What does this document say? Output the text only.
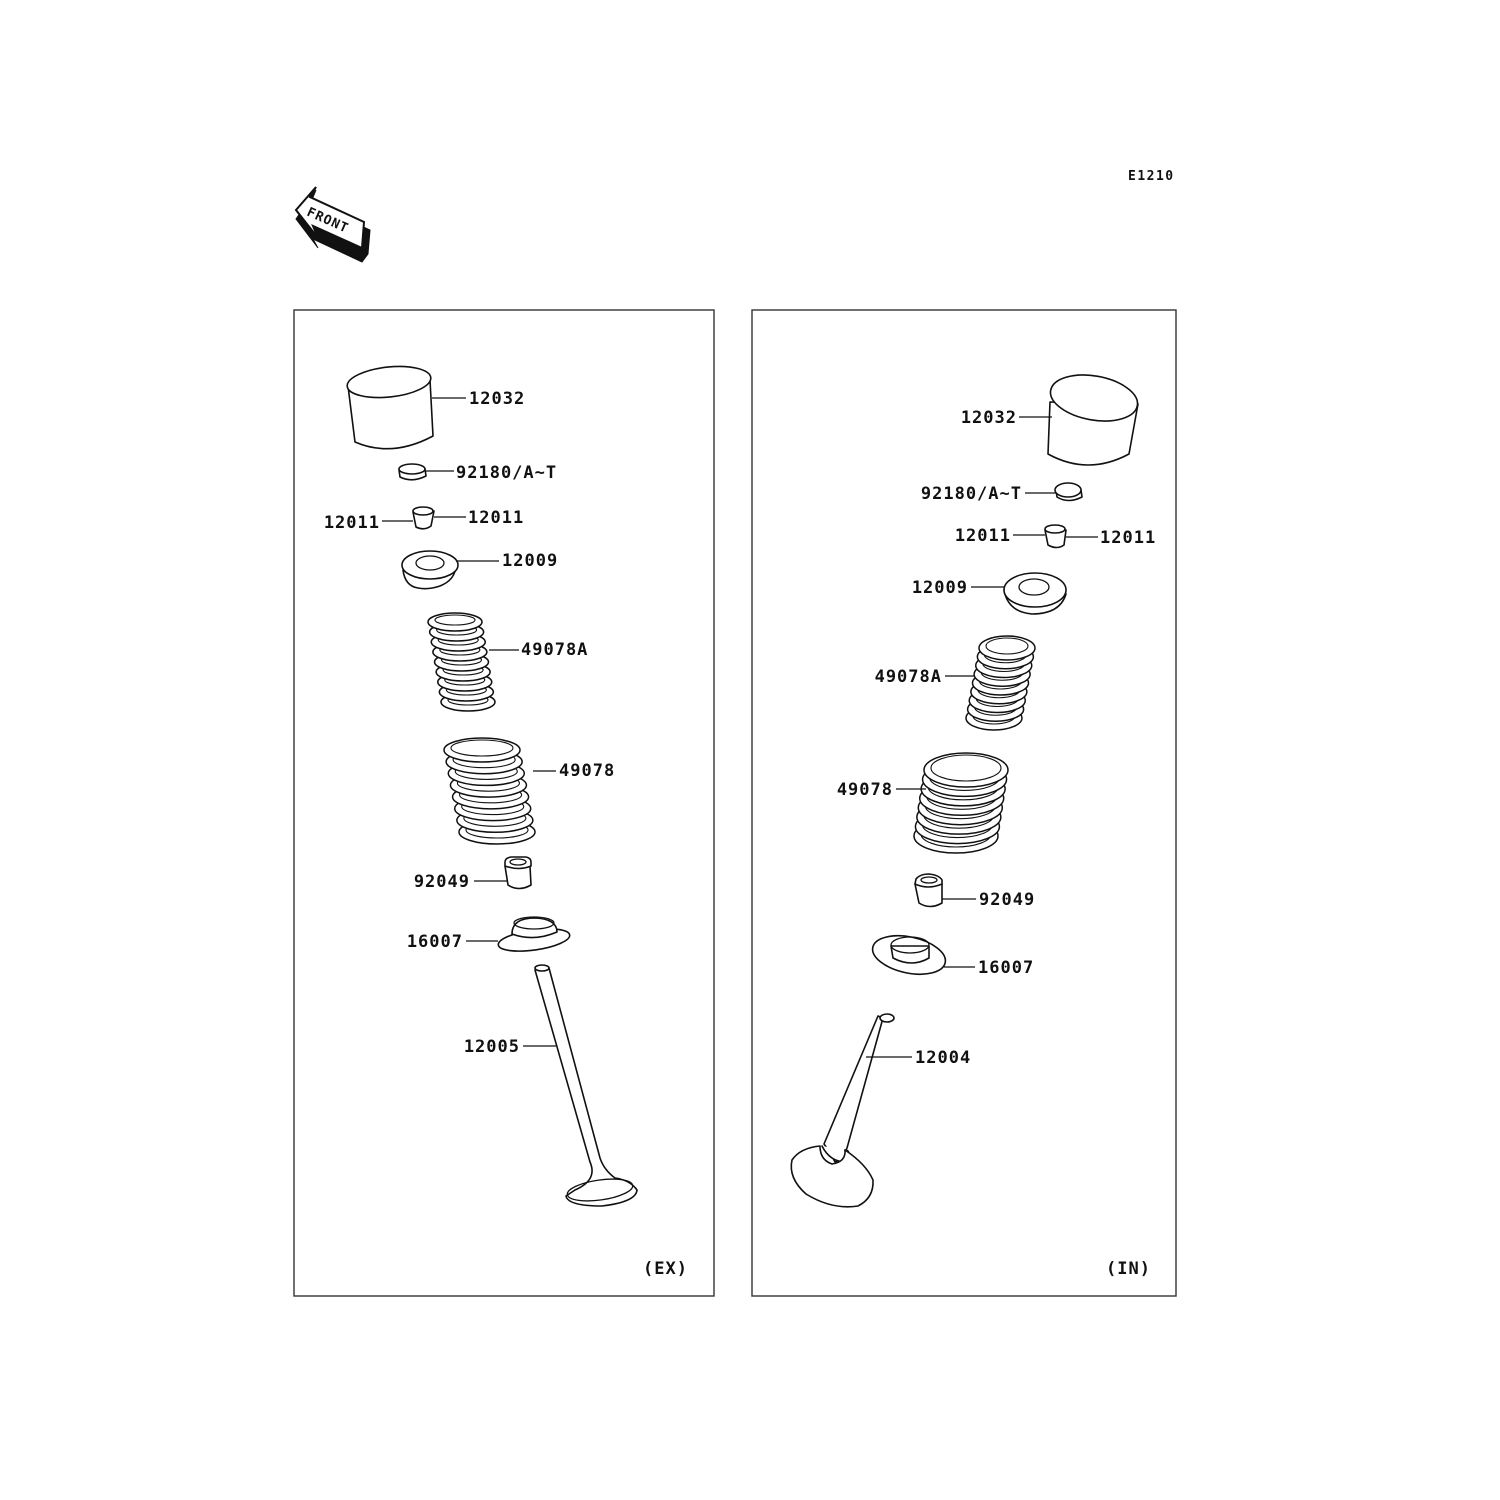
E1210
FRONT
12032
92180/A~T
12011	12011
12009
49078A
49078
92049
16007
12005
(EX)
12032
92180/A~T
12011	12011
12009
49078A
49078
92049
16007
12004
(IN)
